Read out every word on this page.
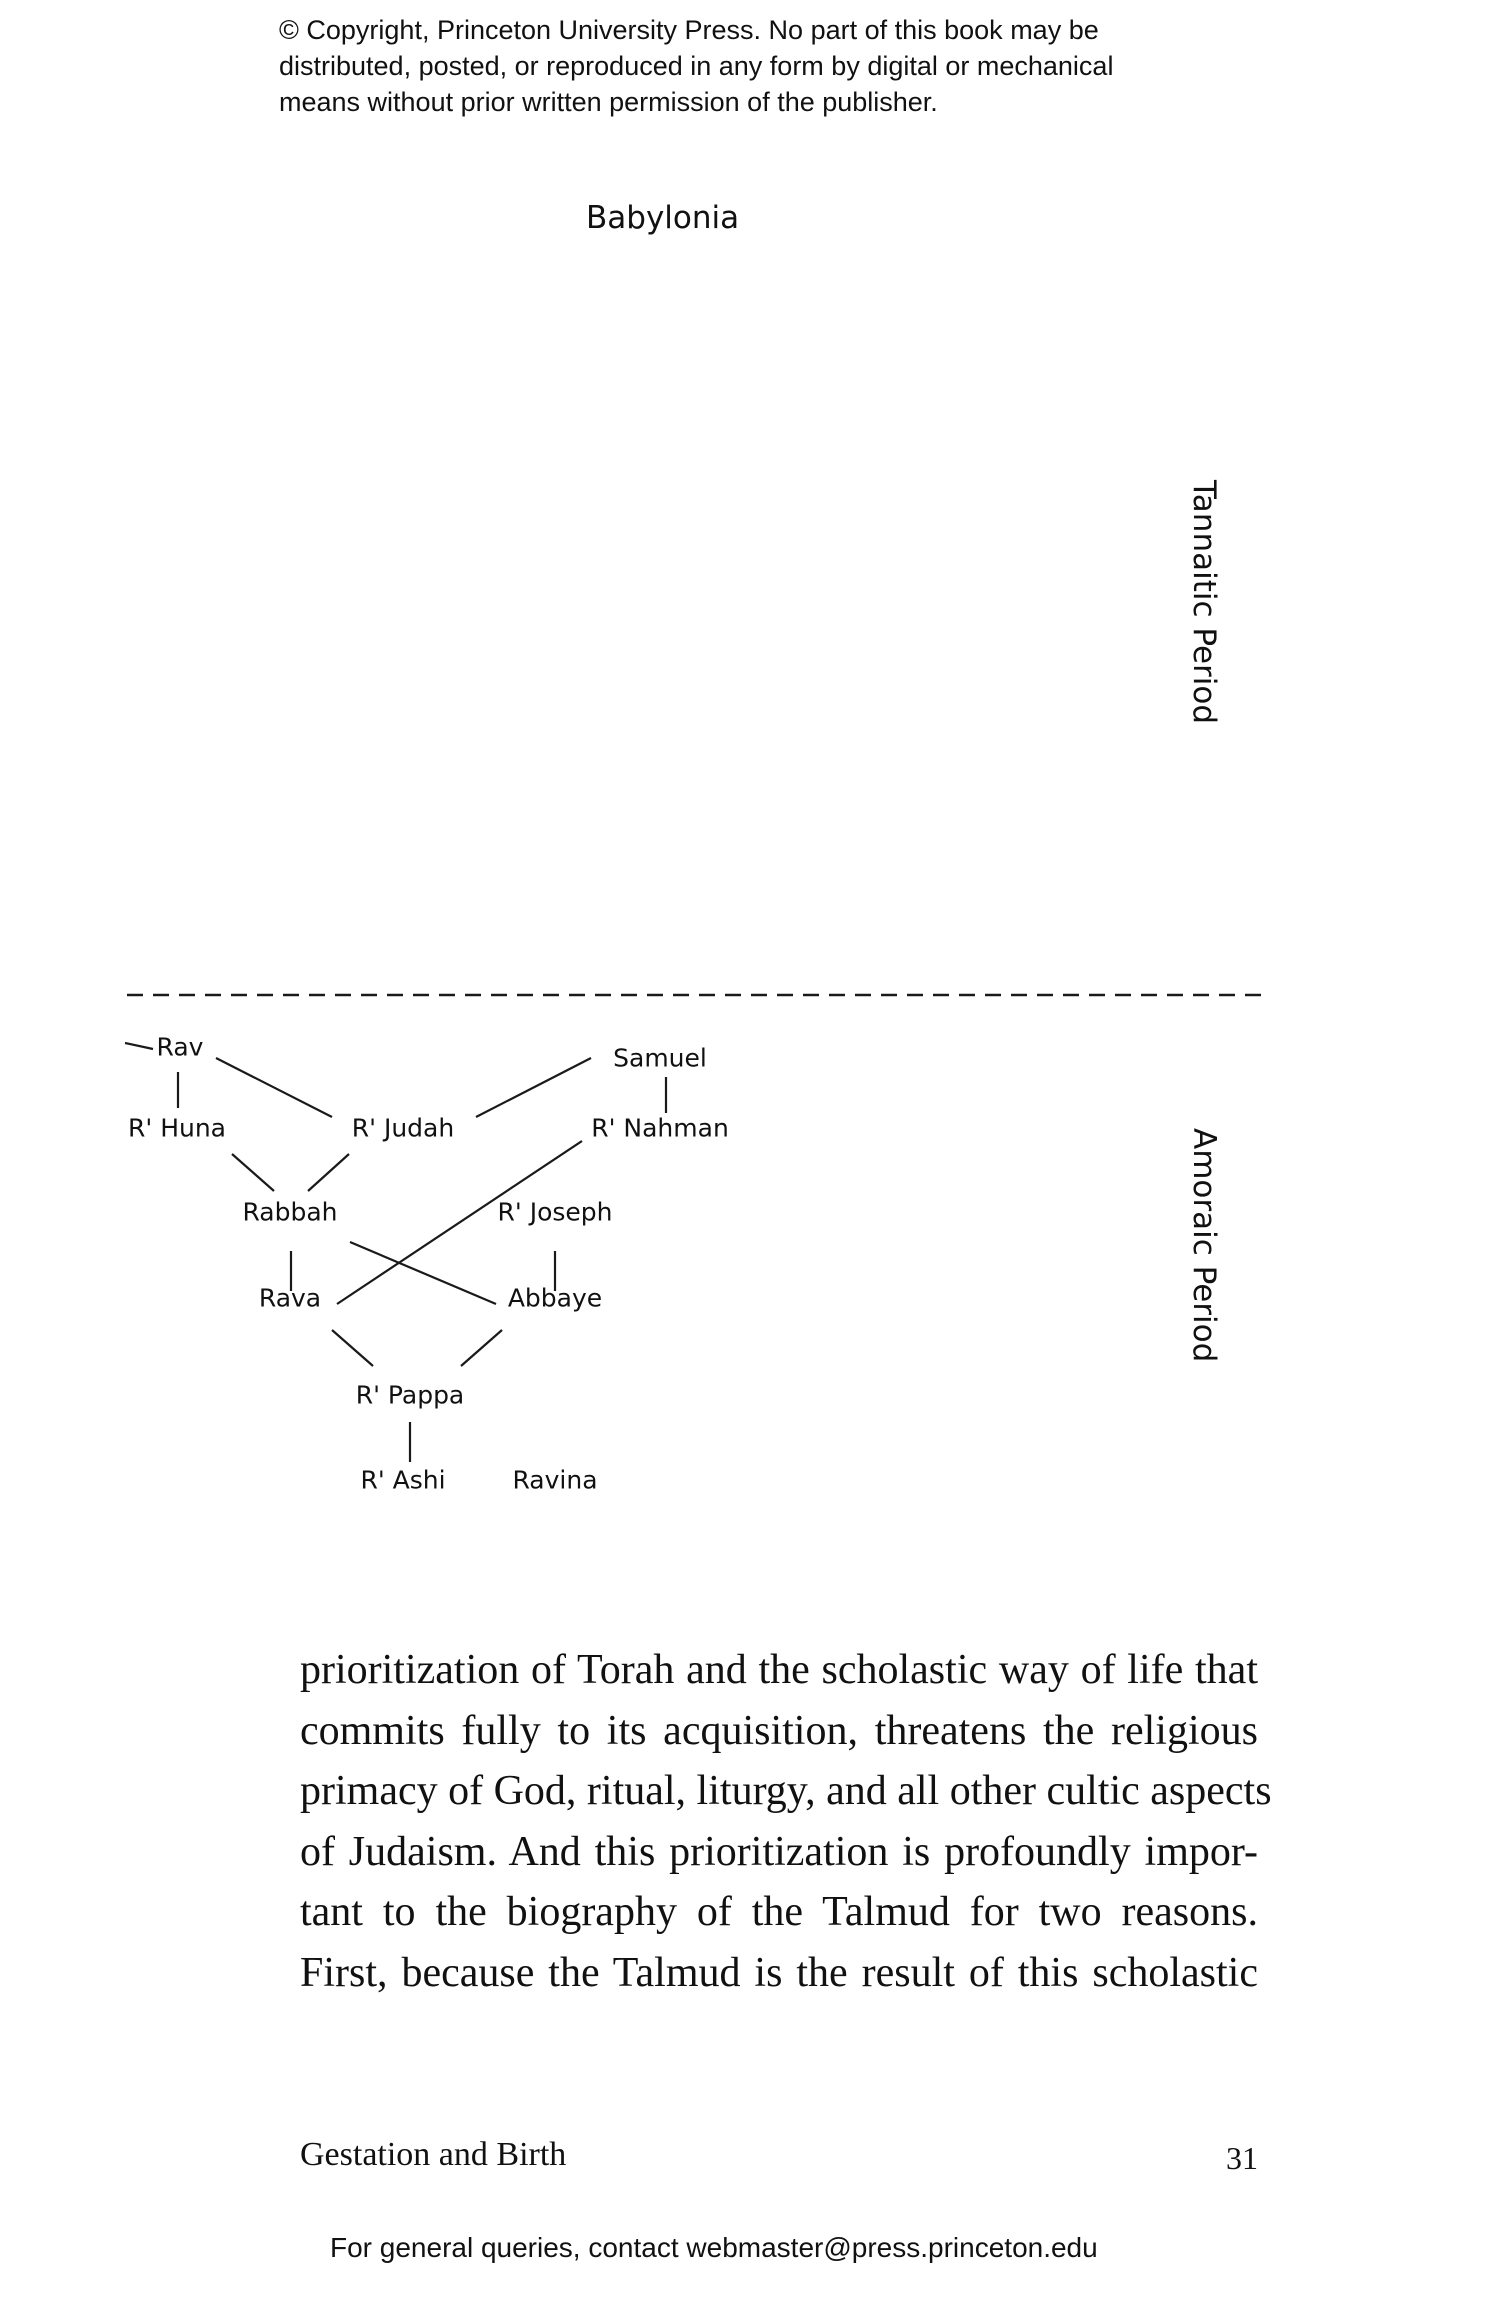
© Copyright, Princeton University Press. No part of this book may be
distributed, posted, or reproduced in any form by digital or mechanical
means without prior written permission of the publisher.
Babylonia
Tannaitic Period
Amoraic Period
Rav	Samuel
R' Huna	R' Judah	R' Nahman
Rabbah	R' Joseph
Rava	Abbaye
R' Pappa
R' Ashi	Ravina
prioritization of Torah and the scholastic way of life that
commits fully to its acquisition, threatens the religious
primacy of God, ritual, liturgy, and all other cultic aspects
of Judaism. And this prioritization is profoundly impor-
tant to the biography of the Talmud for two reasons.
First, because the Talmud is the result of this scholastic
Gestation and Birth	31
For general queries, contact webmaster@press.princeton.edu
